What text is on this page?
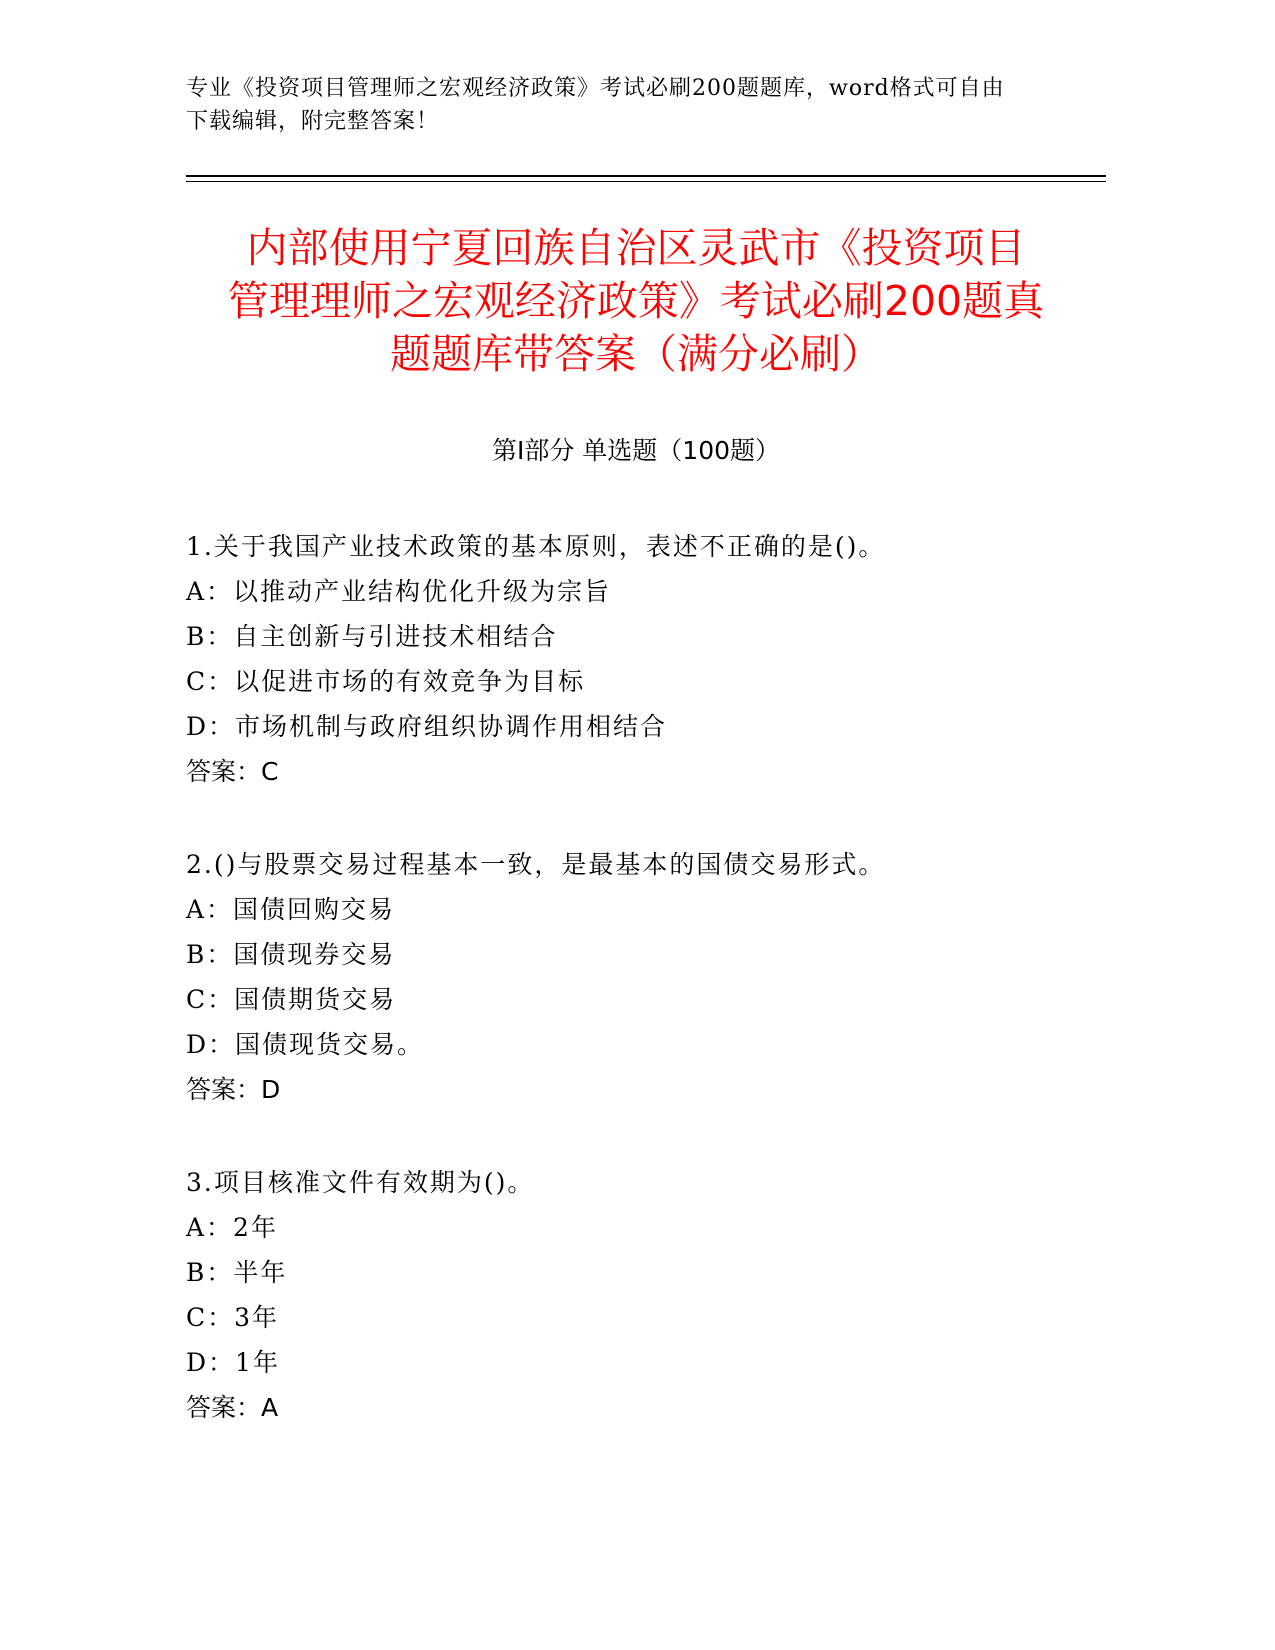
专业《投资项目管理师之宏观经济政策》考试必刷200题题库，word格式可自由
下载编辑，附完整答案！
内部使用宁夏回族自治区灵武市《投资项目
管理理师之宏观经济政策》考试必刷200题真
题题库带答案（满分必刷）
第Ⅰ部分 单选题（100题）
1.关于我国产业技术政策的基本原则，表述不正确的是()。
A：以推动产业结构优化升级为宗旨
B：自主创新与引进技术相结合
C：以促进市场的有效竞争为目标
D：市场机制与政府组织协调作用相结合
答案：C
2.()与股票交易过程基本一致，是最基本的国债交易形式。
A：国债回购交易
B：国债现券交易
C：国债期货交易
D：国债现货交易。
答案：D
3.项目核准文件有效期为()。
A：2年
B：半年
C：3年
D：1年
答案：A
